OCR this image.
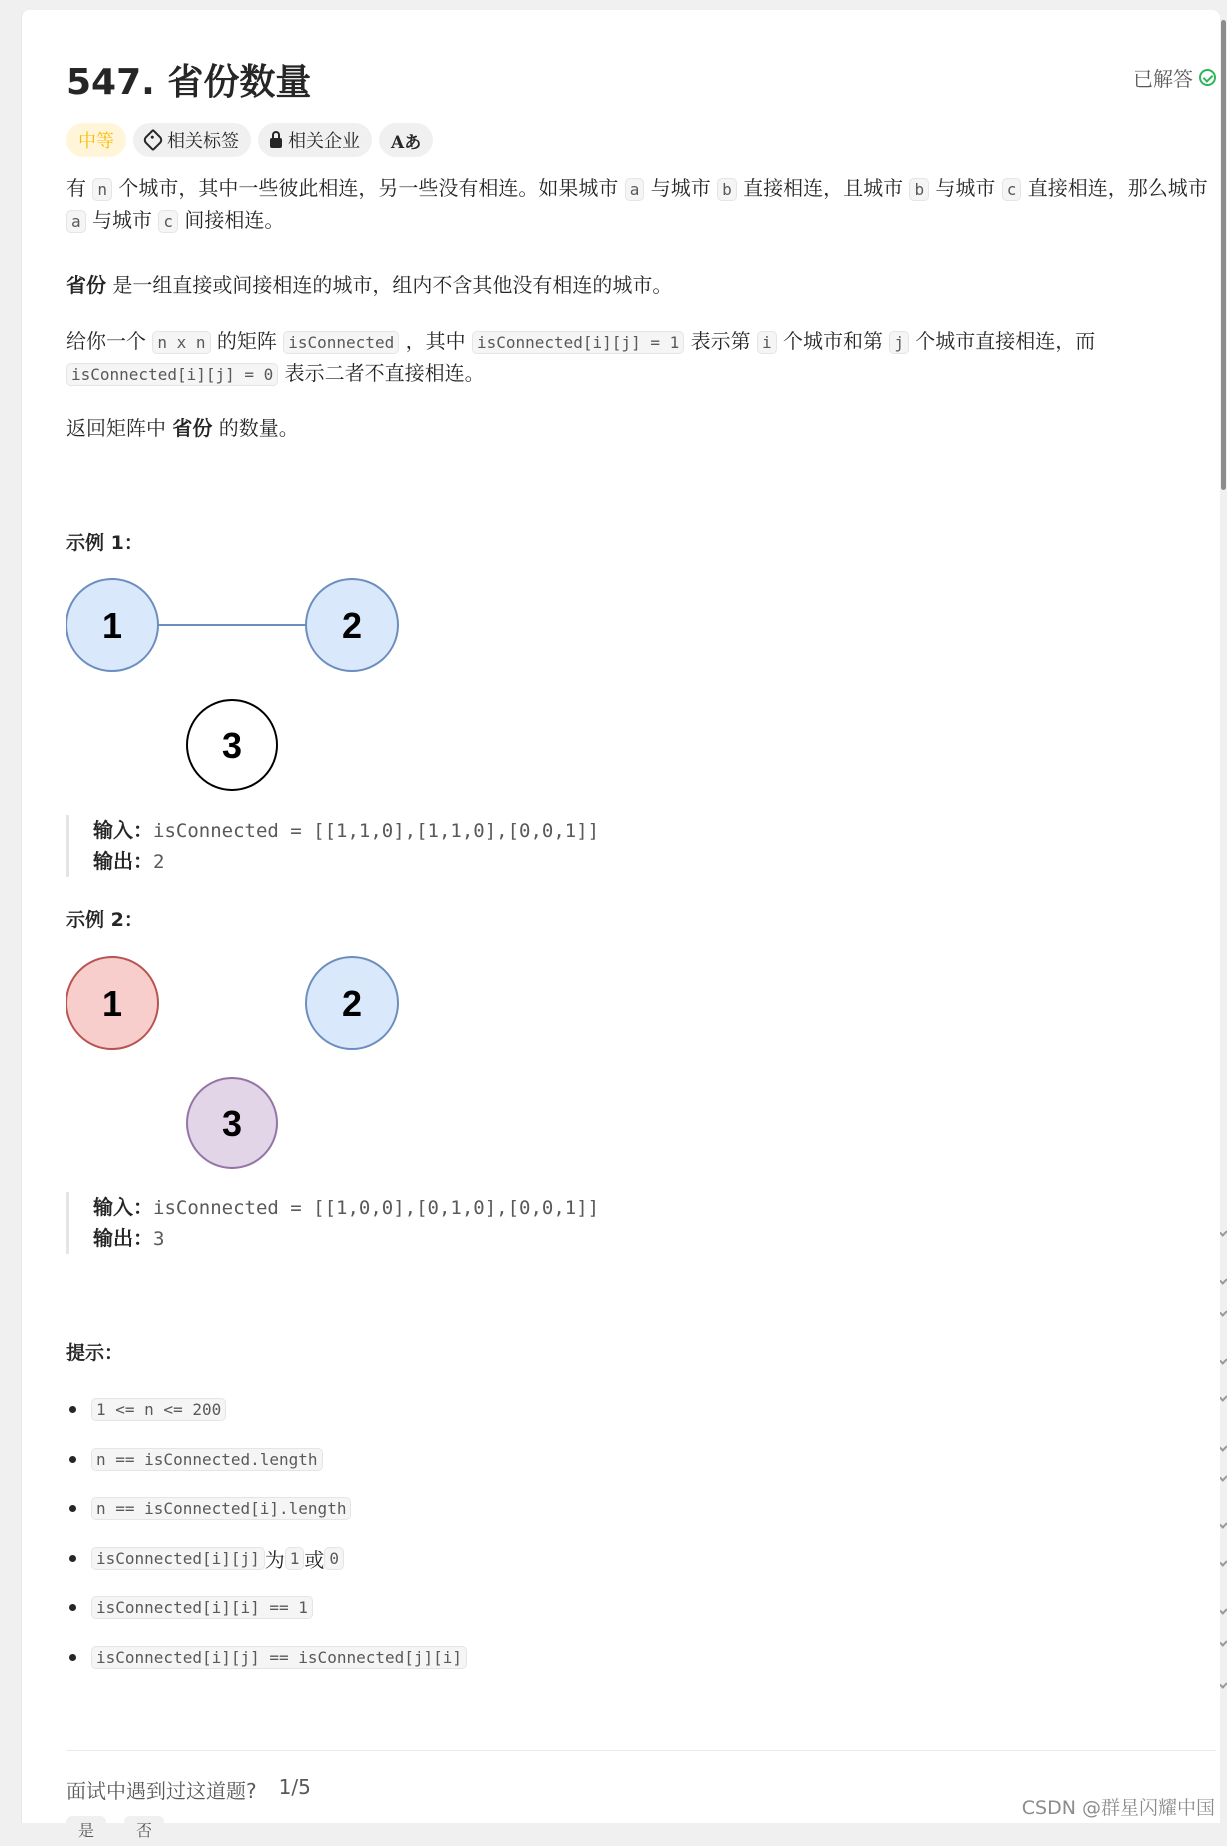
547. 省份数量	已解答
中等	相关标签	相关企业 Aあ

有 n 个城市，其中一些彼此相连，另一些没有相连。如果城市 a 与城市 b 直接相连，且城市 b 与城市 c 直接相连，那么城市 a 与城市 c 间接相连。

省份 是一组直接或间接相连的城市，组内不含其他没有相连的城市。

给你一个 n x n 的矩阵 isConnected ，其中 isConnected[i][j] = 1 表示第 i 个城市和第 j 个城市直接相连，而 isConnected[i][j] = 0 表示二者不直接相连。

返回矩阵中 省份 的数量。

示例 1：
1	2
3
输入：isConnected = [[1,1,0],[1,1,0],[0,0,1]]
输出：2
示例 2：
1	2
3
输入：isConnected = [[1,0,0],[0,1,0],[0,0,1]]
输出：3
提示：
1 <= n <= 200
n == isConnected.length
n == isConnected[i].length
isConnected[i][j] 为 1 或 0
isConnected[i][i] == 1
isConnected[i][j] == isConnected[j][i]
面试中遇到过这道题? 1/5
是	否
CSDN @群星闪耀中国
